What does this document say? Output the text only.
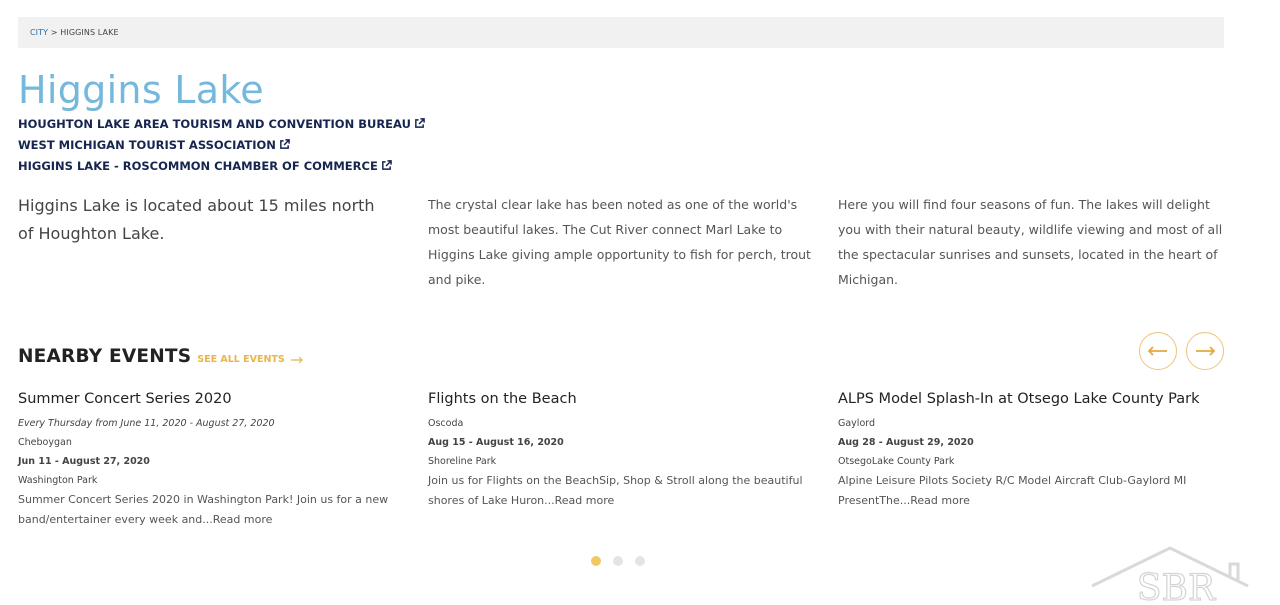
CITY > HIGGINS LAKE
Higgins Lake
HOUGHTON LAKE AREA TOURISM AND CONVENTION BUREAU
WEST MICHIGAN TOURIST ASSOCIATION
HIGGINS LAKE - ROSCOMMON CHAMBER OF COMMERCE

Higgins Lake is located about 15 miles north of Houghton Lake.

The crystal clear lake has been noted as one of the world's most beautiful lakes. The Cut River connect Marl Lake to Higgins Lake giving ample opportunity to fish for perch, trout and pike.

Here you will find four seasons of fun. The lakes will delight you with their natural beauty, wildlife viewing and most of all the spectacular sunrises and sunsets, located in the heart of Michigan.

NEARBY EVENTS SEE ALL EVENTS
Summer Concert Series 2020
Every Thursday from June 11, 2020 - August 27, 2020
Cheboygan
Jun 11 - August 27, 2020
Washington Park

Summer Concert Series 2020 in Washington Park! Join us for a new band/entertainer every week and...Read more

Flights on the Beach
Oscoda
Aug 15 - August 16, 2020
Shoreline Park

Join us for Flights on the BeachSip, Shop & Stroll along the beautiful shores of Lake Huron...Read more

ALPS Model Splash-In at Otsego Lake County Park
Gaylord
Aug 28 - August 29, 2020
OtsegoLake County Park

Alpine Leisure Pilots Society R/C Model Aircraft Club-Gaylord MI PresentThe...Read more

SBR
